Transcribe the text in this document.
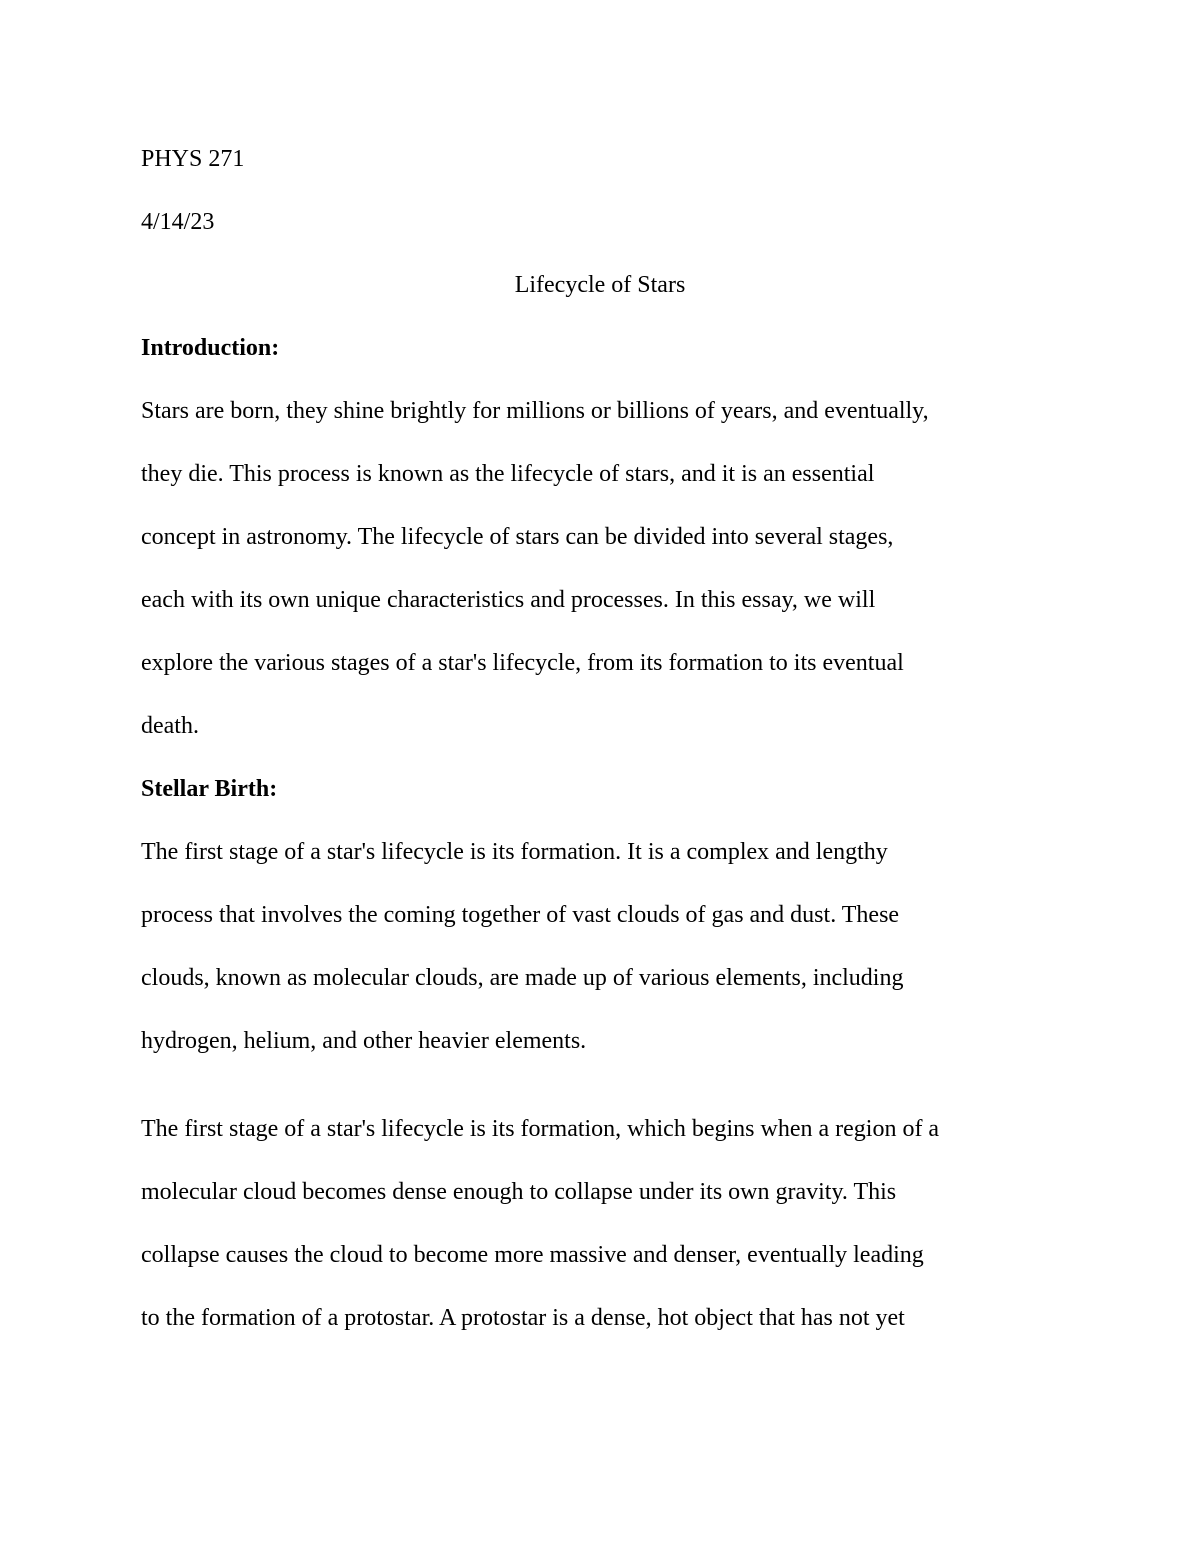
PHYS 271

4/14/23

Lifecycle of Stars

Introduction:

Stars are born, they shine brightly for millions or billions of years, and eventually,

they die. This process is known as the lifecycle of stars, and it is an essential

concept in astronomy. The lifecycle of stars can be divided into several stages,

each with its own unique characteristics and processes. In this essay, we will

explore the various stages of a star's lifecycle, from its formation to its eventual

death.

Stellar Birth:

The first stage of a star's lifecycle is its formation. It is a complex and lengthy

process that involves the coming together of vast clouds of gas and dust. These

clouds, known as molecular clouds, are made up of various elements, including

hydrogen, helium, and other heavier elements.

The first stage of a star's lifecycle is its formation, which begins when a region of a

molecular cloud becomes dense enough to collapse under its own gravity. This

collapse causes the cloud to become more massive and denser, eventually leading

to the formation of a protostar. A protostar is a dense, hot object that has not yet
